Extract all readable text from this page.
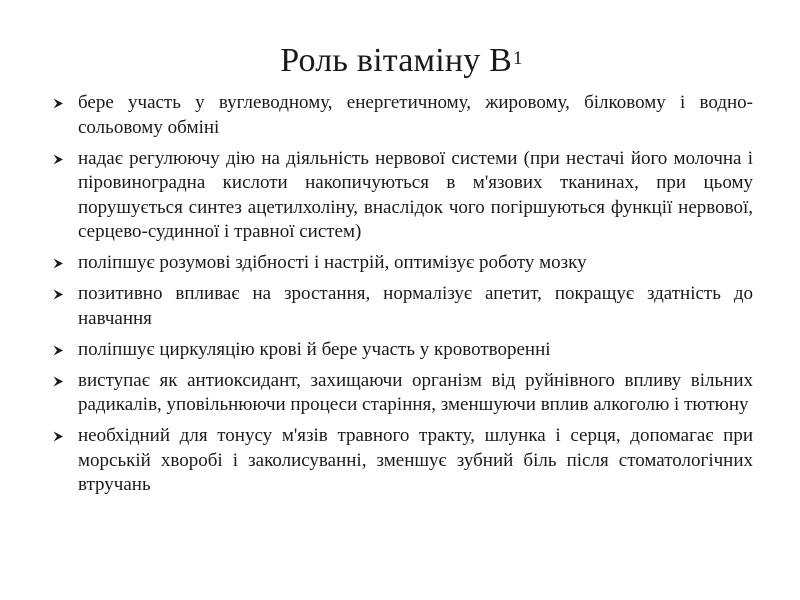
Роль вітаміну $В^1$
бере участь у вуглеводному, енергетичному, жировому, білковому і водно-сольовому обміні
надає регулюючу дію на діяльність нервової системи (при нестачі його молочна і піровиноградна кислоти накопичуються в м'язових тканинах, при цьому порушується синтез ацетилхоліну, внаслідок чого погіршуються функції нервової, серцево-судинної і травної систем)
поліпшує розумові здібності і настрій, оптимізує роботу мозку
позитивно впливає на зростання, нормалізує апетит, покращує здатність до навчання
поліпшує циркуляцію крові й бере участь у кровотворенні
виступає як антиоксидант, захищаючи організм від руйнівного впливу вільних радикалів, уповільнюючи процеси старіння, зменшуючи вплив алкоголю і тютюну
необхідний для тонусу м'язів травного тракту, шлунка і серця, допомагає при морській хворобі і заколисуванні, зменшує зубний біль після стоматологічних втручань
